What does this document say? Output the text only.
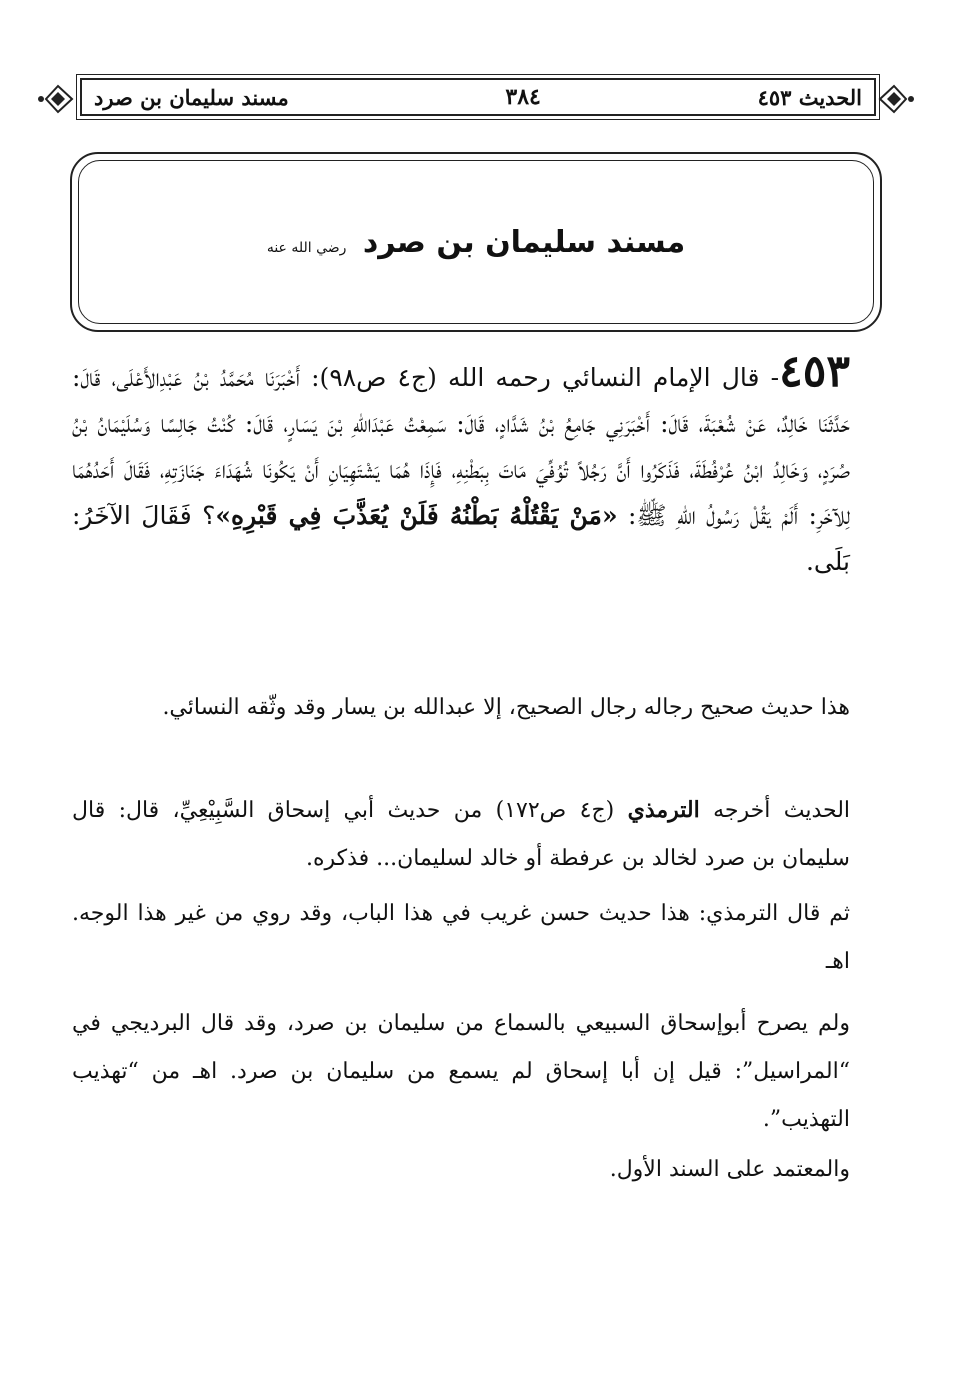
الحديث ٤٥٣
٣٨٤
مسند سليمان بن صرد
مسند سليمان بن صرد رضي الله عنه
٤٥٣- قال الإمام النسائي رحمه الله (ج٤ ص٩٨): أَخْبَرَنَا مُحَمَّدُ بْنُ عَبْدِالأَعْلَى، قَالَ: حَدَّثَنَا خَالِدٌ، عَنْ شُعْبَةَ، قَالَ: أَخْبَرَنِي جَامِعُ بْنُ شَدَّادٍ، قَالَ: سَمِعْتُ عَبْدَاللهِ بْنَ يَسَارٍ، قَالَ: كُنْتُ جَالِسًا وَسُلَيْمَانُ بْنُ صُرَدٍ، وَخَالِدُ ابْنُ عُرْفُطَةَ، فَذَكَرُوا أَنَّ رَجُلاً تُوُفِّيَ مَاتَ بِبَطْنِهِ، فَإِذَا هُمَا يَشْتَهِيَانِ أَنْ يَكُونَا شُهَدَاءَ جَنَازَتِهِ، فَقَالَ أَحَدُهُمَا لِلآخَرِ: أَلَمْ يَقُلْ رَسُولُ اللهِ ﷺ: «مَنْ يَقْتُلْهُ بَطْنُهُ فَلَنْ يُعَذَّبَ فِي قَبْرِهِ»؟ فَقَالَ الآخَرُ: بَلَى.
هذا حديث صحيح رجاله رجال الصحيح، إلا عبدالله بن يسار وقد وثّقه النسائي.
الحديث أخرجه الترمذي (ج٤ ص١٧٢) من حديث أبي إسحاق السَّبِيْعِيِّ، قال: قال سليمان بن صرد لخالد بن عرفطة أو خالد لسليمان... فذكره.
ثم قال الترمذي: هذا حديث حسن غريب في هذا الباب، وقد روي من غير هذا الوجه. اهـ
ولم يصرح أبوإسحاق السبيعي بالسماع من سليمان بن صرد، وقد قال البرديجي في “المراسيل”: قيل إن أبا إسحاق لم يسمع من سليمان بن صرد. اهـ من “تهذيب التهذيب”.
والمعتمد على السند الأول.
